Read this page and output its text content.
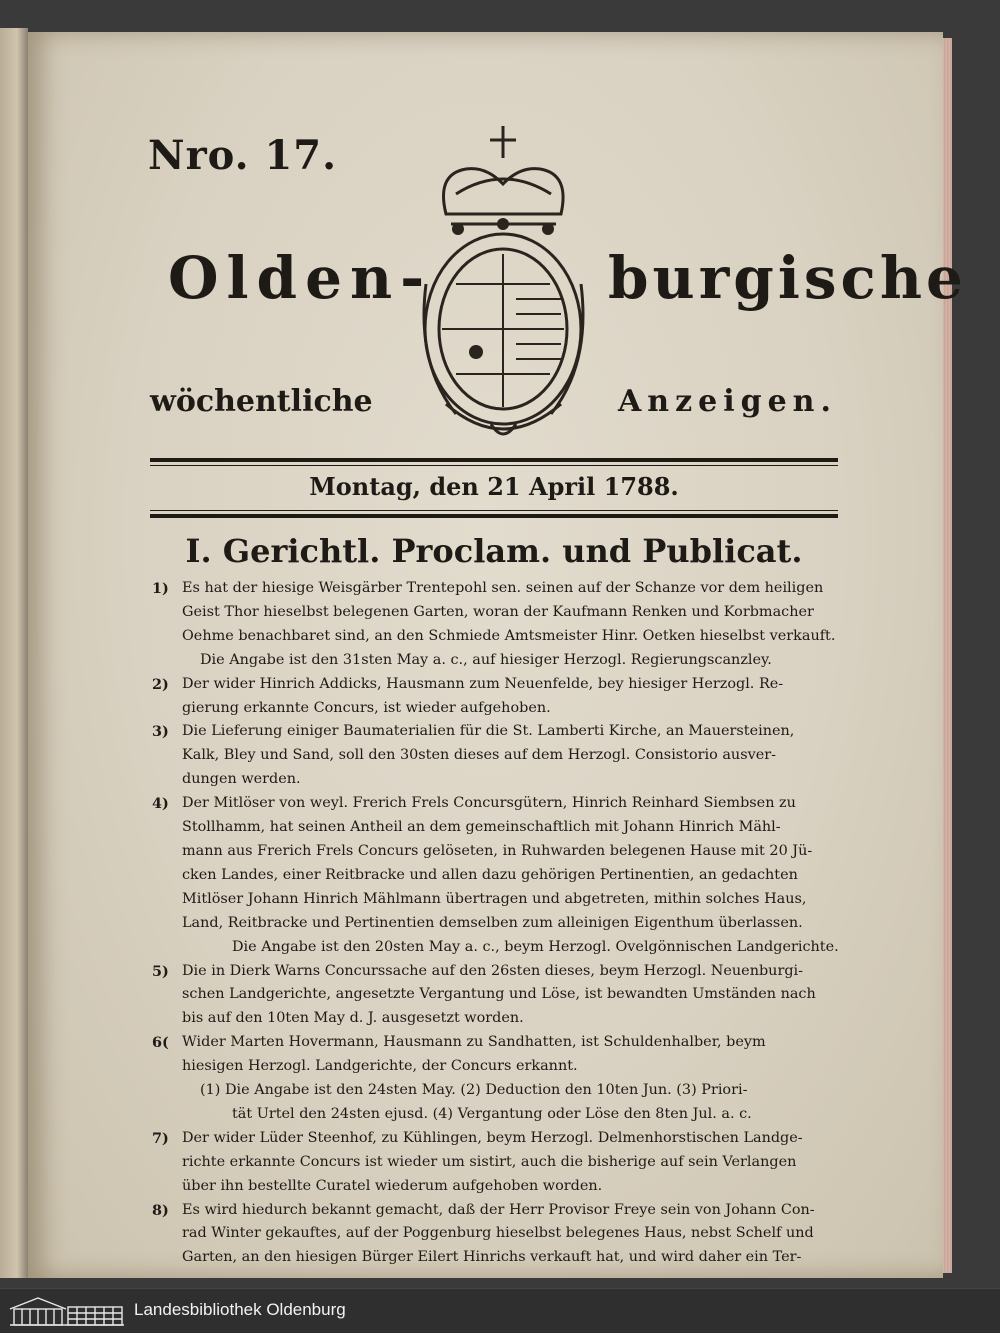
Nro. 17.
Olden-	burgische
wöchentliche	Anzeigen.
Montag, den 21 April 1788.
I. Gerichtl. Proclam. und Publicat.
1) Es hat der hiesige Weisgärber Trentepohl sen. seinen auf der Schanze vor dem heiligen
Geist Thor hieselbst belegenen Garten, woran der Kaufmann Renken und Korbmacher
Oehme benachbaret sind, an den Schmiede Amtsmeister Hinr. Oetken hieselbst verkauft.
Die Angabe ist den 31sten May a. c., auf hiesiger Herzogl. Regierungscanzley.
2) Der wider Hinrich Addicks, Hausmann zum Neuenfelde, bey hiesiger Herzogl. Re-
gierung erkannte Concurs, ist wieder aufgehoben.
3) Die Lieferung einiger Baumaterialien für die St. Lamberti Kirche, an Mauersteinen,
Kalk, Bley und Sand, soll den 30sten dieses auf dem Herzogl. Consistorio ausver-
dungen werden.
4) Der Mitlöser von weyl. Frerich Frels Concursgütern, Hinrich Reinhard Siembsen zu
Stollhamm, hat seinen Antheil an dem gemeinschaftlich mit Johann Hinrich Mähl-
mann aus Frerich Frels Concurs gelöseten, in Ruhwarden belegenen Hause mit 20 Jü-
cken Landes, einer Reitbracke und allen dazu gehörigen Pertinentien, an gedachten
Mitlöser Johann Hinrich Mählmann übertragen und abgetreten, mithin solches Haus,
Land, Reitbracke und Pertinentien demselben zum alleinigen Eigenthum überlassen.
Die Angabe ist den 20sten May a. c., beym Herzogl. Ovelgönnischen Landgerichte.
5) Die in Dierk Warns Concurssache auf den 26sten dieses, beym Herzogl. Neuenburgi-
schen Landgerichte, angesetzte Vergantung und Löse, ist bewandten Umständen nach
bis auf den 10ten May d. J. ausgesetzt worden.
6( Wider Marten Hovermann, Hausmann zu Sandhatten, ist Schuldenhalber, beym
hiesigen Herzogl. Landgerichte, der Concurs erkannt.
(1) Die Angabe ist den 24sten May. (2) Deduction den 10ten Jun. (3) Priori-
tät Urtel den 24sten ejusd. (4) Vergantung oder Löse den 8ten Jul. a. c.
7) Der wider Lüder Steenhof, zu Kühlingen, beym Herzogl. Delmenhorstischen Landge-
richte erkannte Concurs ist wieder um sistirt, auch die bisherige auf sein Verlangen
über ihn bestellte Curatel wiederum aufgehoben worden.
8) Es wird hiedurch bekannt gemacht, daß der Herr Provisor Freye sein von Johann Con-
rad Winter gekauftes, auf der Poggenburg hieselbst belegenes Haus, nebst Schelf und
Garten, an den hiesigen Bürger Eilert Hinrichs verkauft hat, und wird daher ein Ter-
Landesbibliothek Oldenburg
